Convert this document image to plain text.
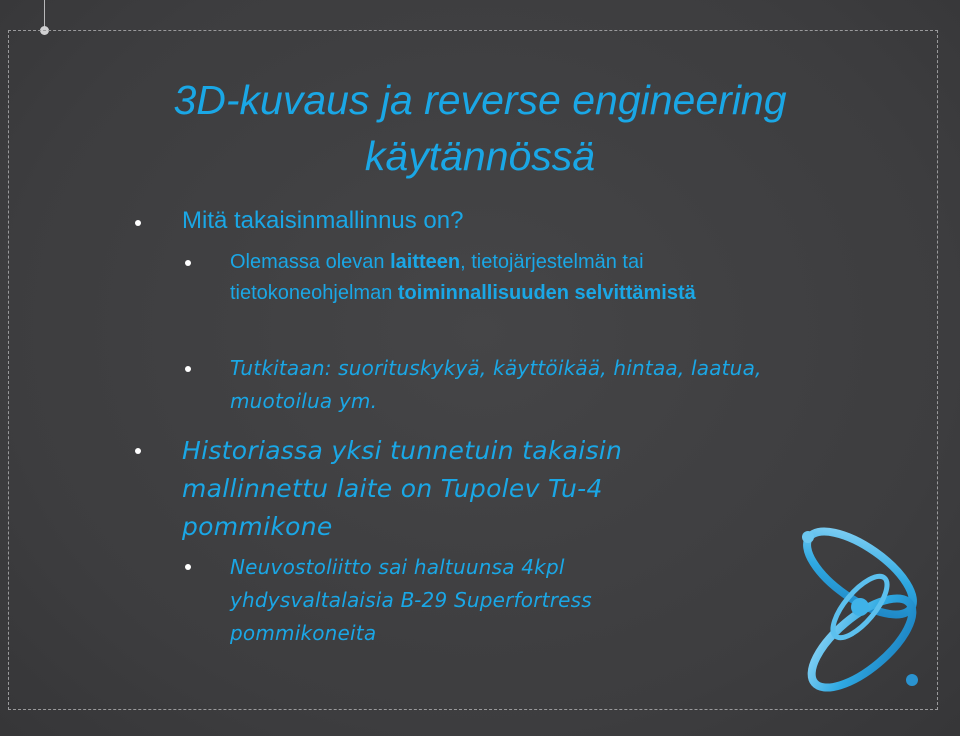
3D-kuvaus ja reverse engineering
käytännössä

Mitä takaisinmallinnus on?

Olemassa olevan laitteen, tietojärjestelmän tai tietokoneohjelman toiminnallisuuden selvittämistä

Tutkitaan: suorituskykyä, käyttöikää, hintaa, laatua, muotoilua ym.

Historiassa yksi tunnetuin takaisin mallinnettu laite on Tupolev Tu-4 pommikone

Neuvostoliitto sai haltuunsa 4kpl yhdysvaltalaisia B-29 Superfortress pommikoneita
